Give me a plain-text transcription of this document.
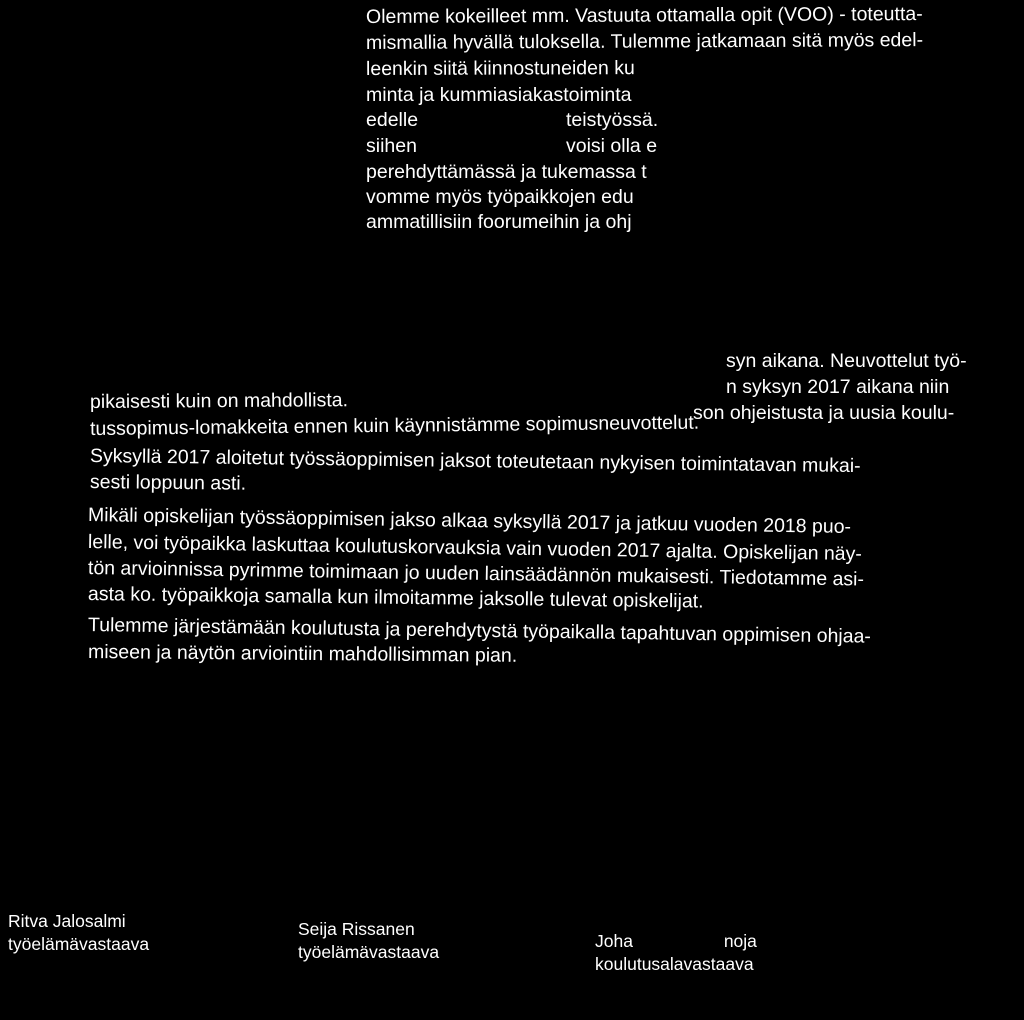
Olemme kokeilleet mm. Vastuuta ottamalla opit (VOO) - toteutta-
mismallia hyvällä tuloksella. Tulemme jatkamaan sitä myös edel-
leenkin siitä kiinnostuneiden ku
minta ja kummiasiakastoiminta
edelle	teistyössä.
siihen	voisi olla e
perehdyttämässä ja tukemassa t
vomme myös työpaikkojen edu
ammatillisiin foorumeihin ja ohj
syn aikana. Neuvottelut työ-
n syksyn 2017 aikana niin
pikaisesti kuin on mahdollista.
son ohjeistusta ja uusia koulu-
tussopimus-lomakkeita ennen kuin käynnistämme sopimusneuvottelut.
Syksyllä 2017 aloitetut työssäoppimisen jaksot toteutetaan nykyisen toimintatavan mukai-
sesti loppuun asti.
Mikäli opiskelijan työssäoppimisen jakso alkaa syksyllä 2017 ja jatkuu vuoden 2018 puo-
lelle, voi työpaikka laskuttaa koulutuskorvauksia vain vuoden 2017 ajalta. Opiskelijan näy-
tön arvioinnissa pyrimme toimimaan jo uuden lainsäädännön mukaisesti. Tiedotamme asi-
asta ko. työpaikkoja samalla kun ilmoitamme jaksolle tulevat opiskelijat.
Tulemme järjestämään koulutusta ja perehdytystä työpaikalla tapahtuvan oppimisen ohjaa-
miseen ja näytön arviointiin mahdollisimman pian.
Ritva Jalosalmi
työelämävastaava
Seija Rissanen
työelämävastaava
Joha	noja
koulutusalavastaava
